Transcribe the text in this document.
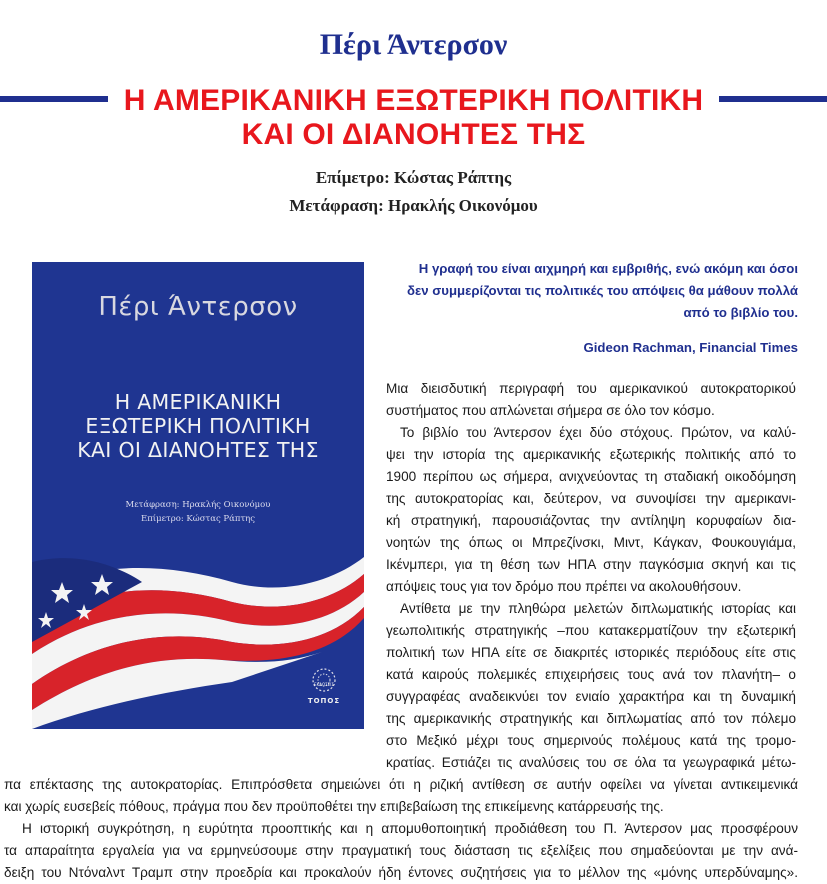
Πέρι Άντερσον
Η ΑΜΕΡΙΚΑΝΙΚΗ ΕΞΩΤΕΡΙΚΗ ΠΟΛΙΤΙΚΗ
ΚΑΙ ΟΙ ΔΙΑΝΟΗΤΕΣ ΤΗΣ
Επίμετρο: Κώστας Ράπτης
Μετάφραση: Ηρακλής Οικονόμου
Πέρι Άντερσον
Η ΑΜΕΡΙΚΑΝΙΚΗ
ΕΞΩΤΕΡΙΚΗ ΠΟΛΙΤΙΚΗ
ΚΑΙ ΟΙ ΔΙΑΝΟΗΤΕΣ ΤΗΣ
Μετάφραση: Ηρακλής Οικονόμου
Επίμετρο: Κώστας Ράπτης
ΕΚΔΟΣΕΙΣ
ΤΟΠΟΣ
Η γραφή του είναι αιχμηρή και εμβριθής, ενώ ακόμη και όσοι
δεν συμμερίζονται τις πολιτικές του απόψεις θα μάθουν πολλά
από το βιβλίο του.
Gideon Rachman, Financial Times
Μια διεισδυτική περιγραφή του αμερικανικού αυτοκρατορικού
συστήματος που απλώνεται σήμερα σε όλο τον κόσμο.
Το βιβλίο του Άντερσον έχει δύο στόχους. Πρώτον, να καλύ-
ψει την ιστορία της αμερικανικής εξωτερικής πολιτικής από το
1900 περίπου ως σήμερα, ανιχνεύοντας τη σταδιακή οικοδόμηση
της αυτοκρατορίας και, δεύτερον, να συνοψίσει την αμερικανι-
κή στρατηγική, παρουσιάζοντας την αντίληψη κορυφαίων δια-
νοητών της όπως οι Μπρεζίνσκι, Μιντ, Κάγκαν, Φουκουγιάμα,
Ικένμπερι, για τη θέση των ΗΠΑ στην παγκόσμια σκηνή και τις
απόψεις τους για τον δρόμο που πρέπει να ακολουθήσουν.
Αντίθετα με την πληθώρα μελετών διπλωματικής ιστορίας και
γεωπολιτικής στρατηγικής –που κατακερματίζουν την εξωτερική
πολιτική των ΗΠΑ είτε σε διακριτές ιστορικές περιόδους είτε στις
κατά καιρούς πολεμικές επιχειρήσεις τους ανά τον πλανήτη– ο
συγγραφέας αναδεικνύει τον ενιαίο χαρακτήρα και τη δυναμική
της αμερικανικής στρατηγικής και διπλωματίας από τον πόλεμο
στο Μεξικό μέχρι τους σημερινούς πολέμους κατά της τρομο-
κρατίας. Εστιάζει τις αναλύσεις του σε όλα τα γεωγραφικά μέτω-
πα επέκτασης της αυτοκρατορίας. Επιπρόσθετα σημειώνει ότι η ριζική αντίθεση σε αυτήν οφείλει να γίνεται αντικειμενικά
και χωρίς ευσεβείς πόθους, πράγμα που δεν προϋποθέτει την επιβεβαίωση της επικείμενης κατάρρευσής της.
Η ιστορική συγκρότηση, η ευρύτητα προοπτικής και η απομυθοποιητική προδιάθεση του Π. Άντερσον μας προσφέρουν
τα απαραίτητα εργαλεία για να ερμηνεύσουμε στην πραγματική τους διάσταση τις εξελίξεις που σημαδεύονται με την ανά-
δειξη του Ντόναλντ Τραμπ στην προεδρία και προκαλούν ήδη έντονες συζητήσεις για το μέλλον της «μόνης υπερδύναμης».
